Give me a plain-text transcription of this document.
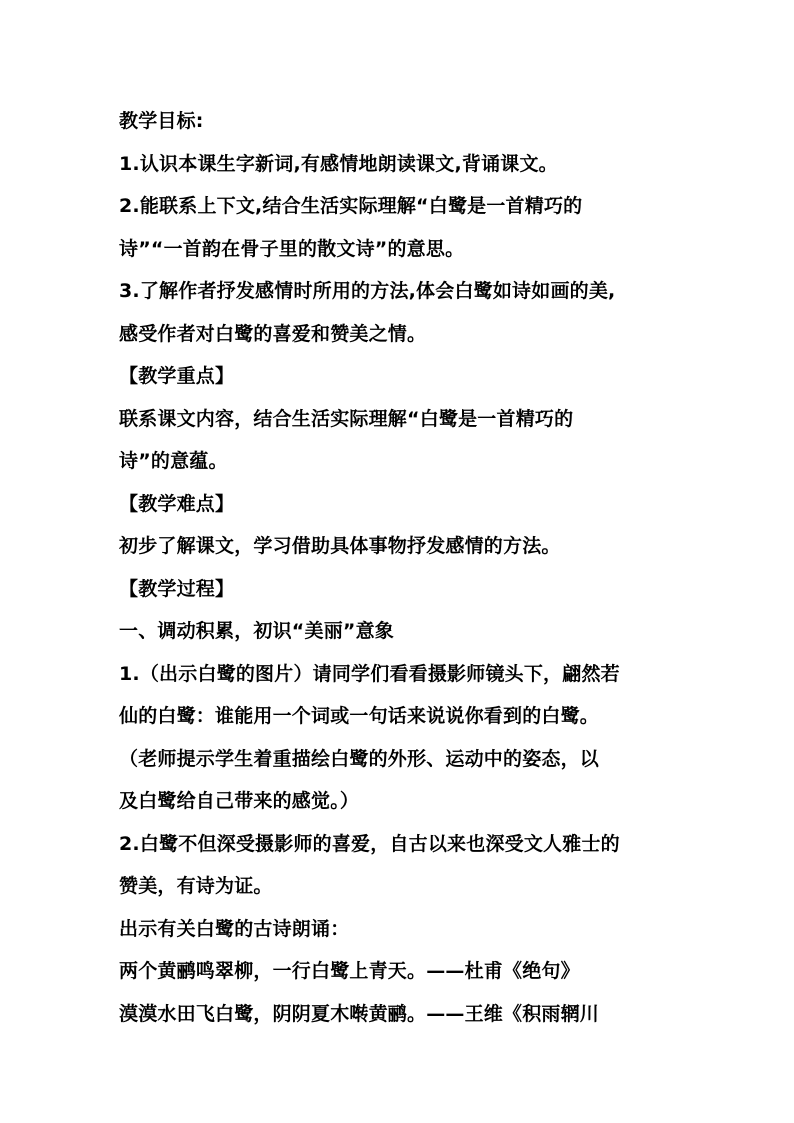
教学目标:
1.认识本课生字新词,有感情地朗读课文,背诵课文。
2.能联系上下文,结合生活实际理解“白鹭是一首精巧的
诗”“一首韵在骨子里的散文诗”的意思。
3.了解作者抒发感情时所用的方法,体会白鹭如诗如画的美,
感受作者对白鹭的喜爱和赞美之情。
【教学重点】
联系课文内容，结合生活实际理解“白鹭是一首精巧的
诗”的意蕴。
【教学难点】
初步了解课文，学习借助具体事物抒发感情的方法。
【教学过程】
一、调动积累，初识“美丽”意象
1.（出示白鹭的图片）请同学们看看摄影师镜头下，翩然若
仙的白鹭：谁能用一个词或一句话来说说你看到的白鹭。
（老师提示学生着重描绘白鹭的外形、运动中的姿态，以
及白鹭给自己带来的感觉。）
2.白鹭不但深受摄影师的喜爱，自古以来也深受文人雅士的
赞美，有诗为证。
出示有关白鹭的古诗朗诵：
两个黄鹂鸣翠柳，一行白鹭上青天。——杜甫《绝句》
漠漠水田飞白鹭，阴阴夏木啭黄鹂。——王维《积雨辋川
